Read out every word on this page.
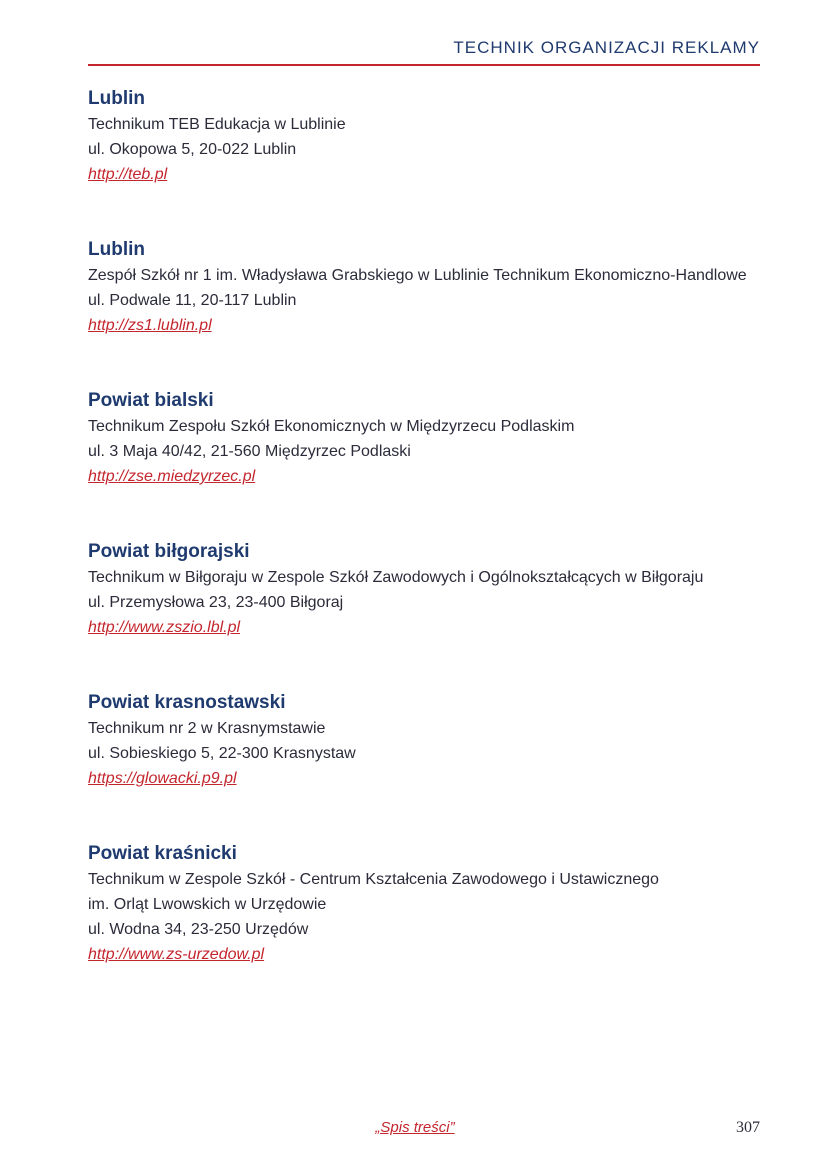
TECHNIK ORGANIZACJI REKLAMY
Lublin
Technikum TEB Edukacja w Lublinie
ul. Okopowa 5, 20-022 Lublin
http://teb.pl
Lublin
Zespół Szkół nr 1 im. Władysława Grabskiego w Lublinie Technikum Ekonomiczno-Handlowe
ul. Podwale 11, 20-117 Lublin
http://zs1.lublin.pl
Powiat bialski
Technikum Zespołu Szkół Ekonomicznych w Międzyrzecu Podlaskim
ul. 3 Maja 40/42, 21-560 Międzyrzec Podlaski
http://zse.miedzyrzec.pl
Powiat biłgorajski
Technikum w Biłgoraju w Zespole Szkół Zawodowych i Ogólnokształcących w Biłgoraju
ul. Przemysłowa 23, 23-400 Biłgoraj
http://www.zszio.lbl.pl
Powiat krasnostawski
Technikum nr 2 w Krasnymstawie
ul. Sobieskiego 5, 22-300 Krasnystaw
https://glowacki.p9.pl
Powiat kraśnicki
Technikum w Zespole Szkół - Centrum Kształcenia Zawodowego i Ustawicznego
im. Orląt Lwowskich w Urzędowie
ul. Wodna 34, 23-250 Urzędów
http://www.zs-urzedow.pl
„Spis treści”	307
